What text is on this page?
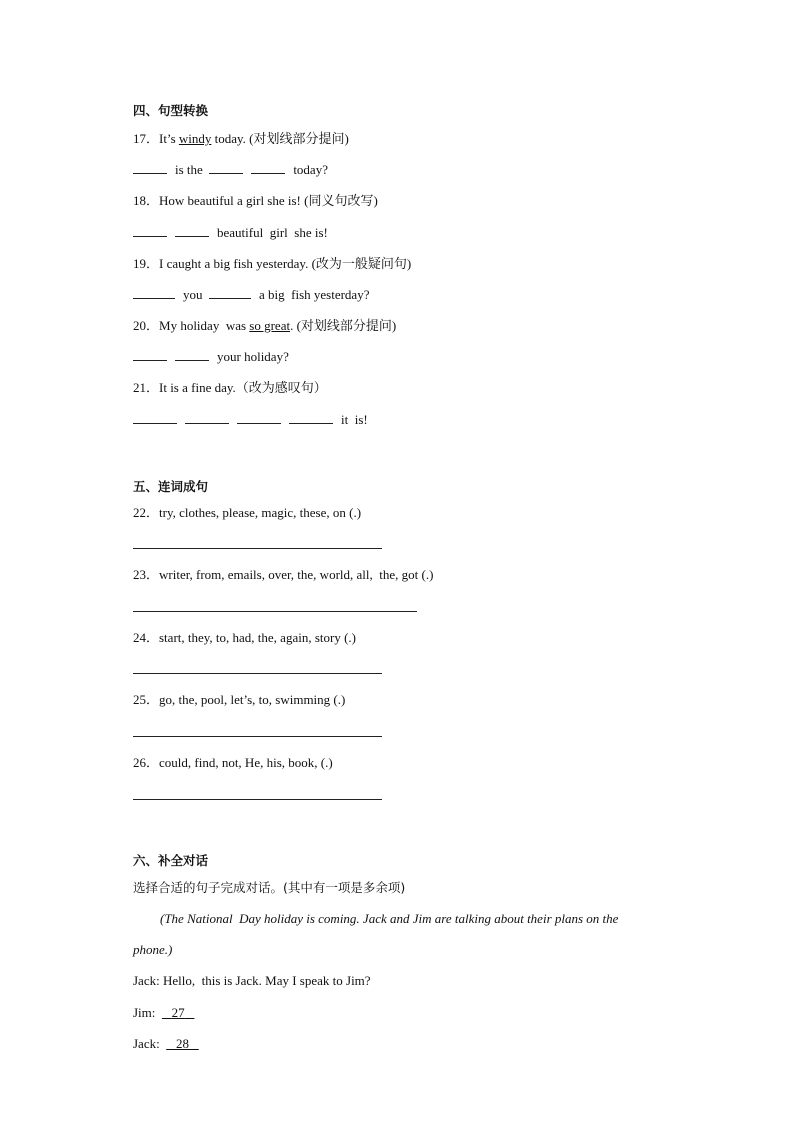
四、句型转换
17．It’s windy today. (对划线部分提问)
is the	today?
18．How beautiful a girl she is! (同义句改写)
beautiful  girl  she is!
19．I caught a big fish yesterday. (改为一般疑问句)
you	a big  fish yesterday?
20．My holiday  was so great. (对划线部分提问)
your holiday?
21．It is a fine day.（改为感叹句）
it  is!
五、连词成句
22．try, clothes, please, magic, these, on (.)
23．writer, from, emails, over, the, world, all,  the, got (.)
24．start, they, to, had, the, again, story (.)
25．go, the, pool, let’s, to, swimming (.)
26．could, find, not, He, his, book, (.)
六、补全对话
选择合适的句子完成对话。(其中有一项是多余项)
(The National  Day holiday is coming. Jack and Jim are talking about their plans on the
phone.)
Jack: Hello,  this is Jack. May I speak to Jim?
Jim: 27
Jack: 28
